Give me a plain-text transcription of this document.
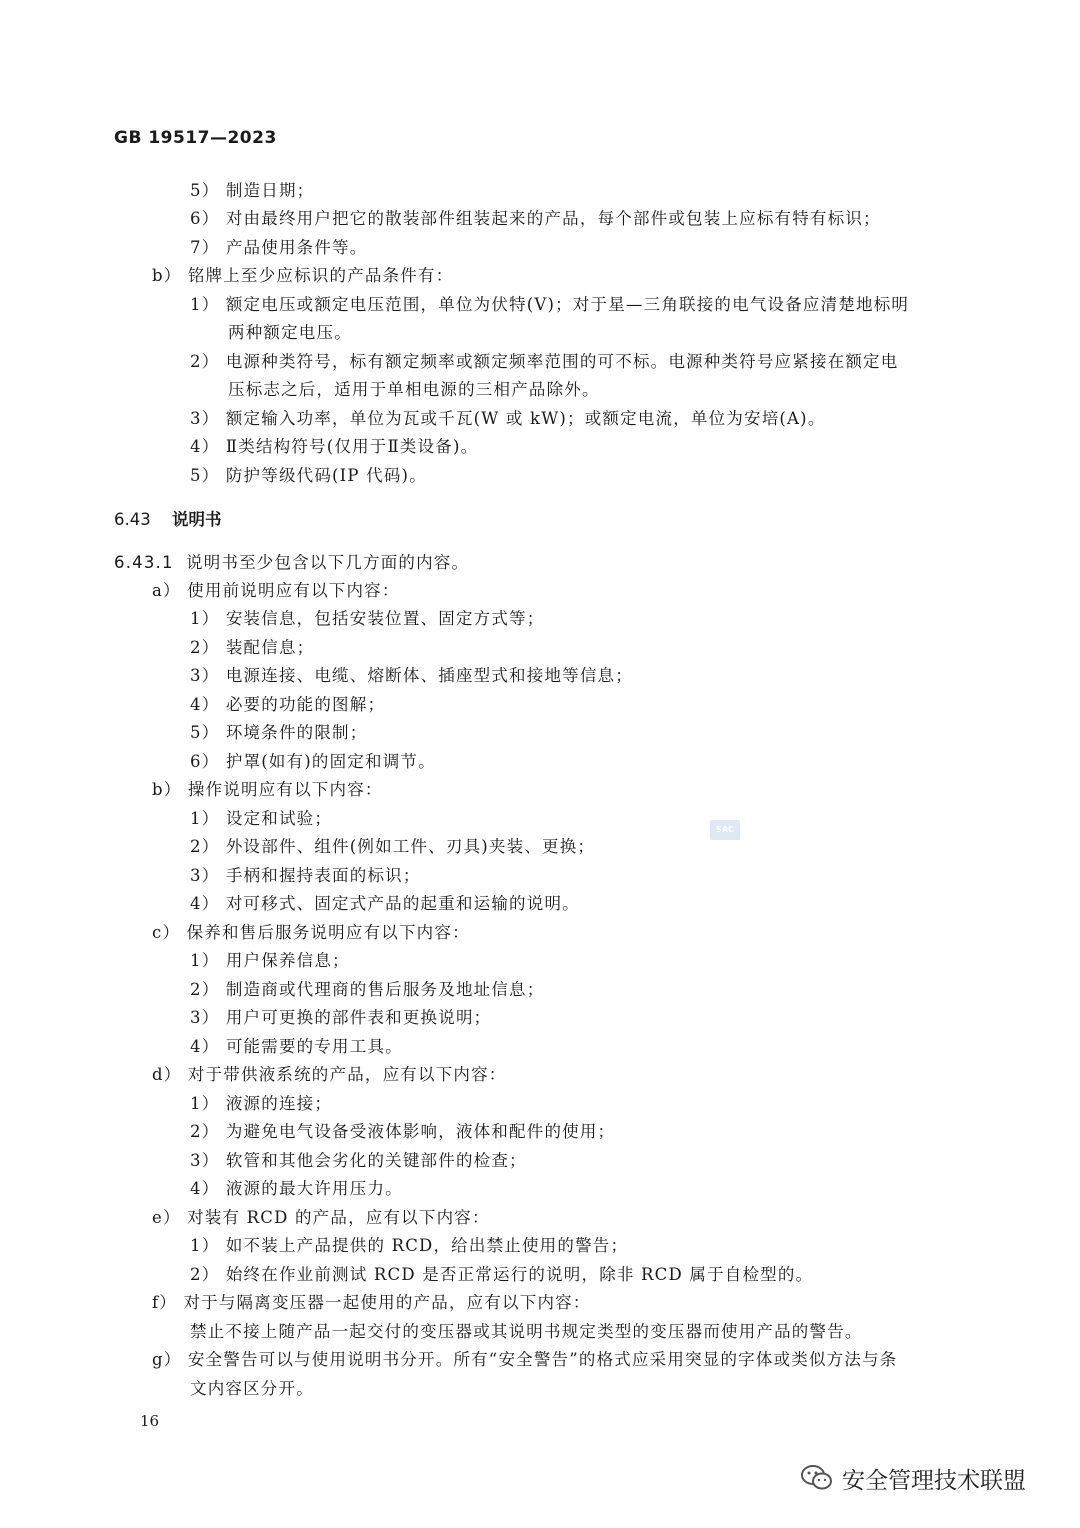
GB 19517—2023
5） 制造日期；
6） 对由最终用户把它的散装部件组装起来的产品，每个部件或包装上应标有特有标识；
7） 产品使用条件等。
b） 铭牌上至少应标识的产品条件有：
1） 额定电压或额定电压范围，单位为伏特(V)；对于星—三角联接的电气设备应清楚地标明
两种额定电压。
2） 电源种类符号，标有额定频率或额定频率范围的可不标。电源种类符号应紧接在额定电
压标志之后，适用于单相电源的三相产品除外。
3） 额定输入功率，单位为瓦或千瓦(W 或 kW)；或额定电流，单位为安培(A)。
4） Ⅱ类结构符号(仅用于Ⅱ类设备)。
5） 防护等级代码(IP 代码)。
6.43 说明书
6.43.1 说明书至少包含以下几方面的内容。
a） 使用前说明应有以下内容：
1） 安装信息，包括安装位置、固定方式等；
2） 装配信息；
3） 电源连接、电缆、熔断体、插座型式和接地等信息；
4） 必要的功能的图解；
5） 环境条件的限制；
6） 护罩(如有)的固定和调节。
b） 操作说明应有以下内容：
1） 设定和试验；
2） 外设部件、组件(例如工件、刃具)夹装、更换；
3） 手柄和握持表面的标识；
4） 对可移式、固定式产品的起重和运输的说明。
c） 保养和售后服务说明应有以下内容：
1） 用户保养信息；
2） 制造商或代理商的售后服务及地址信息；
3） 用户可更换的部件表和更换说明；
4） 可能需要的专用工具。
d） 对于带供液系统的产品，应有以下内容：
1） 液源的连接；
2） 为避免电气设备受液体影响，液体和配件的使用；
3） 软管和其他会劣化的关键部件的检查；
4） 液源的最大许用压力。
e） 对装有 RCD 的产品，应有以下内容：
1） 如不装上产品提供的 RCD，给出禁止使用的警告；
2） 始终在作业前测试 RCD 是否正常运行的说明，除非 RCD 属于自检型的。
f） 对于与隔离变压器一起使用的产品，应有以下内容：
禁止不接上随产品一起交付的变压器或其说明书规定类型的变压器而使用产品的警告。
g） 安全警告可以与使用说明书分开。所有“安全警告”的格式应采用突显的字体或类似方法与条
文内容区分开。
16
SAC
安全管理技术联盟
